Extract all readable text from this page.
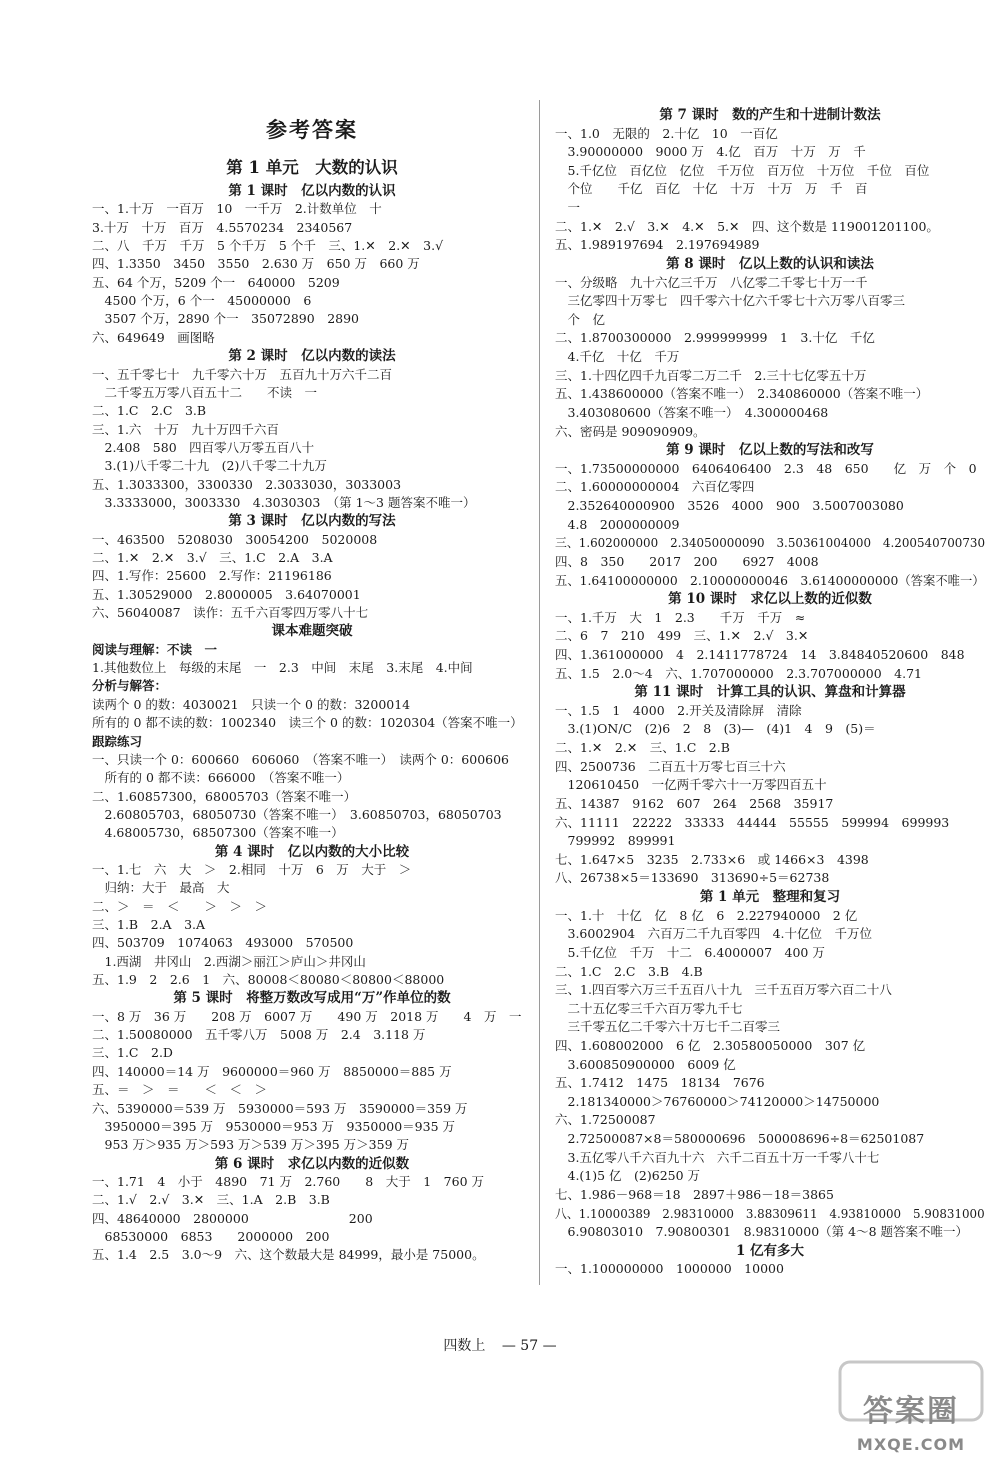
参考答案
第 1 单元　大数的认识
第 1 课时　亿以内数的认识
一、1.十万　一百万　10　一千万　2.计数单位　十
3.十万　十万　百万　4.5570234　2340567
二、八　千万　千万　5 个千万　5 个千　三、1.✕　2.✕　3.√
四、1.3350　3450　3550　2.630 万　650 万　660 万
五、64 个万，5209 个一　640000　5209
　4500 个万，6 个一　45000000　6
　3507 个万，2890 个一　35072890　2890
六、649649　画图略
第 2 课时　亿以内数的读法
一、五千零七十　九千零六十万　五百九十万六千二百
　二千零五万零八百五十二　　不读　一
二、1.C　2.C　3.B
三、1.六　十万　九十万四千六百
　2.408　580　四百零八万零五百八十
　3.(1)八千零二十九　(2)八千零二十九万
五、1.3033300，3300330　2.3033030，3033003
　3.3333000，3003330　4.3030303　（第 1～3 题答案不唯一）
第 3 课时　亿以内数的写法
一、463500　5208030　30054200　5020008
二、1.✕　2.✕　3.√　三、1.C　2.A　3.A
四、1.写作：25600　2.写作：21196186
五、1.30529000　2.8000005　3.64070001
六、56040087　读作：五千六百零四万零八十七
课本难题突破
阅读与理解：不读　一
1.其他数位上　每级的末尾　一　2.3　中间　末尾　3.末尾　4.中间
分析与解答：
读两个 0 的数：4030021　只读一个 0 的数：3200014
所有的 0 都不读的数：1002340　读三个 0 的数：1020304（答案不唯一）
跟踪练习
一、只读一个 0：600660　606060　（答案不唯一）　读两个 0：600606
　所有的 0 都不读：666000　（答案不唯一）
二、1.60857300，68005703（答案不唯一）
　2.60805703，68050730（答案不唯一）　3.60850703，68050703
　4.68005730，68507300（答案不唯一）
第 4 课时　亿以内数的大小比较
一、1.七　六　大　＞　2.相同　十万　6　万　大于　＞
　归纳：大于　最高　大
二、＞　＝　＜　　＞　＞　＞
三、1.B　2.A　3.A
四、503709　1074063　493000　570500
　1.西湖　井冈山　2.西湖＞丽江＞庐山＞井冈山
五、1.9　2　2.6　1　六、80008＜80080＜80800＜88000
第 5 课时　将整万数改写成用“万”作单位的数
一、8 万　36 万　　208 万　6007 万　　490 万　2018 万　　4　万　一
二、1.50080000　五千零八万　5008 万　2.4　3.118 万
三、1.C　2.D
四、140000＝14 万　9600000＝960 万　8850000＝885 万
五、＝　＞　＝　　＜　＜　＞
六、5390000＝539 万　5930000＝593 万　3590000＝359 万
　3950000＝395 万　9530000＝953 万　9350000＝935 万
　953 万＞935 万＞593 万＞539 万＞395 万＞359 万
第 6 课时　求亿以内数的近似数
一、1.71　4　小于　4890　71 万　2.760　　8　大于　1　760 万
二、1.√　2.√　3.✕　三、1.A　2.B　3.B
四、48640000　2800000　　　　　　　　200
　68530000　6853　　2000000　200
五、1.4　2.5　3.0～9　六、这个数最大是 84999，最小是 75000。
第 7 课时　数的产生和十进制计数法
一、1.0　无限的　2.十亿　10　一百亿
　3.90000000　9000 万　4.亿　百万　十万　万　千
　5.千亿位　百亿位　亿位　千万位　百万位　十万位　千位　百位
　个位　　千亿　百亿　十亿　十万　十万　万　千　百
　一
二、1.✕　2.√　3.✕　4.✕　5.✕　四、这个数是 119001201100。
五、1.989197694　2.197694989
第 8 课时　亿以上数的认识和读法
一、分级略　九十六亿三千万　八亿零二千零七十万一千
　三亿零四十万零七　四千零六十亿六千零七十六万零八百零三
　个　亿
二、1.8700300000　2.999999999　1　3.十亿　千亿
　4.千亿　十亿　千万
三、1.十四亿四千九百零二万二千　2.三十七亿零五十万
五、1.438600000（答案不唯一）　2.340860000（答案不唯一）
　3.403080600（答案不唯一）　4.300000468
六、密码是 909090909。
第 9 课时　亿以上数的写法和改写
一、1.73500000000　6406406400　2.3　48　650　　亿　万　个　0
二、1.60000000004　六百亿零四
　2.352640000900　3526　4000　900　3.5007003080
　4.8　2000000009
三、1.602000000　2.34050000090　3.50361004000　4.200540700730
四、8　350　　2017　200　　6927　4008
五、1.64100000000　2.10000000046　3.61400000000（答案不唯一）
第 10 课时　求亿以上数的近似数
一、1.千万　大　1　2.3　　千万　千万　≈
二、6　7　210　499　三、1.✕　2.√　3.✕
四、1.361000000　4　2.1411778724　14　3.84840520600　848
五、1.5　2.0～4　六、1.707000000　2.3.707000000　4.71
第 11 课时　计算工具的认识、算盘和计算器
一、1.5　1　4000　2.开关及清除屏　清除
　3.(1)ON/C　(2)6　2　8　(3)—　(4)1　4　9　(5)＝
二、1.✕　2.✕　三、1.C　2.B
四、2500736　二百五十万零七百三十六
　120610450　一亿两千零六十一万零四百五十
五、14387　9162　607　264　2568　35917
六、11111　22222　33333　44444　55555　599994　699993
　799992　899991
七、1.647×5　3235　2.733×6　或 1466×3　4398
八、26738×5＝133690　313690÷5＝62738
第 1 单元　整理和复习
一、1.十　十亿　亿　8 亿　6　2.227940000　2 亿
　3.6002904　六百万二千九百零四　4.十亿位　千万位
　5.千亿位　千万　十二　6.4000007　400 万
二、1.C　2.C　3.B　4.B
三、1.四百零六万三千五百八十九　三千五百万零六百二十八
　二十五亿零三千六百万零九千七
　三千零五亿二千零六十万七千二百零三
四、1.608002000　6 亿　2.30580050000　307 亿
　3.600850900000　6009 亿
五、1.7412　1475　18134　7676
　2.181340000＞76760000＞74120000＞14750000
六、1.72500087
　2.72500087×8＝580000696　500008696÷8＝62501087
　3.五亿零八千六百九十六　六千二百五十万一千零八十七
　4.(1)5 亿　(2)6250 万
七、1.986－968＝18　2897＋986－18＝3865
八、1.10000389　2.98310000　3.88309611　4.93810000　5.90831000
　6.90803010　7.90800301　8.98310000（第 4～8 题答案不唯一）
1 亿有多大
一、1.100000000　1000000　10000
四数上 — 57 —
答案圈
MXQE.COM
